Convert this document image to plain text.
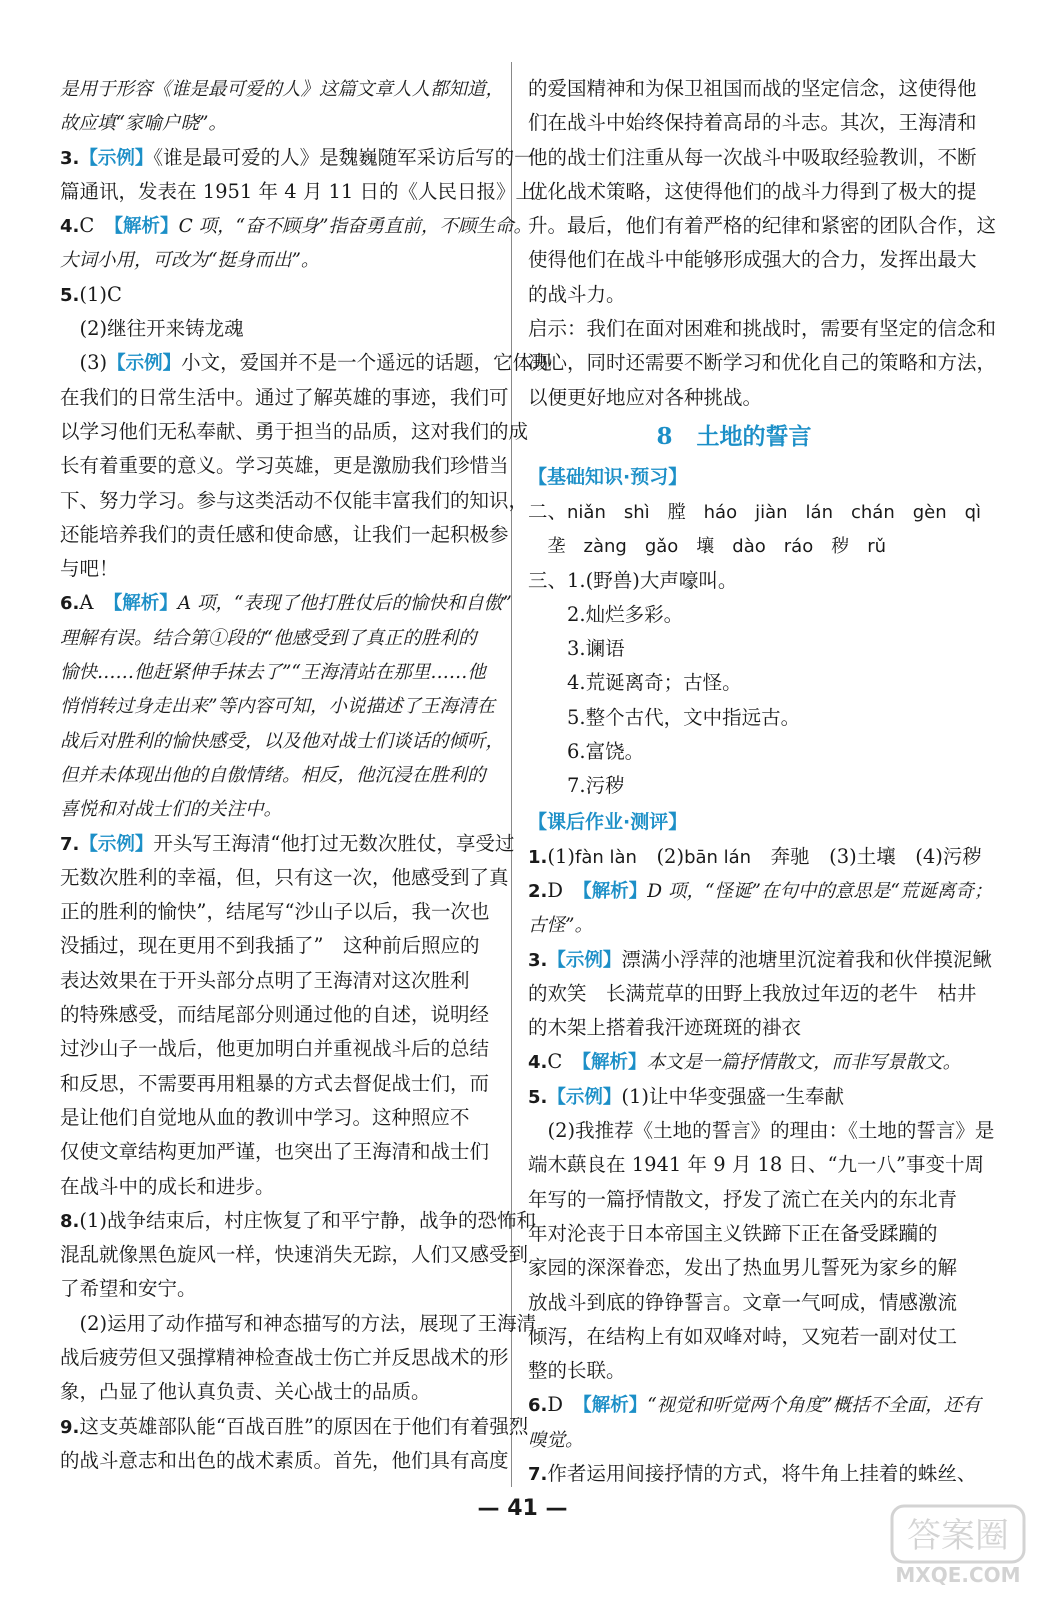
是用于形容《谁是最可爱的人》这篇文章人人都知道，
故应填“家喻户晓”。
3.【示例】《谁是最可爱的人》是魏巍随军采访后写的一
篇通讯，发表在 1951 年 4 月 11 日的《人民日报》上。
4.C　【解析】C 项，“奋不顾身”指奋勇直前，不顾生命。
大词小用，可改为“挺身而出”。
5.(1)C
　(2)继往开来铸龙魂
　(3)【示例】小文，爱国并不是一个遥远的话题，它体现
在我们的日常生活中。通过了解英雄的事迹，我们可
以学习他们无私奉献、勇于担当的品质，这对我们的成
长有着重要的意义。学习英雄，更是激励我们珍惜当
下、努力学习。参与这类活动不仅能丰富我们的知识，
还能培养我们的责任感和使命感，让我们一起积极参
与吧！
6.A　【解析】A 项，“表现了他打胜仗后的愉快和自傲”
理解有误。结合第①段的“他感受到了真正的胜利的
愉快……他赶紧伸手抹去了”“王海清站在那里……他
悄悄转过身走出来”等内容可知，小说描述了王海清在
战后对胜利的愉快感受，以及他对战士们谈话的倾听，
但并未体现出他的自傲情绪。相反，他沉浸在胜利的
喜悦和对战士们的关注中。
7.【示例】开头写王海清“他打过无数次胜仗，享受过
无数次胜利的幸福，但，只有这一次，他感受到了真
正的胜利的愉快”，结尾写“沙山子以后，我一次也
没插过，现在更用不到我插了”　这种前后照应的
表达效果在于开头部分点明了王海清对这次胜利
的特殊感受，而结尾部分则通过他的自述，说明经
过沙山子一战后，他更加明白并重视战斗后的总结
和反思，不需要再用粗暴的方式去督促战士们，而
是让他们自觉地从血的教训中学习。这种照应不
仅使文章结构更加严谨，也突出了王海清和战士们
在战斗中的成长和进步。
8.(1)战争结束后，村庄恢复了和平宁静，战争的恐怖和
混乱就像黑色旋风一样，快速消失无踪，人们又感受到
了希望和安宁。
　(2)运用了动作描写和神态描写的方法，展现了王海清
战后疲劳但又强撑精神检查战士伤亡并反思战术的形
象，凸显了他认真负责、关心战士的品质。
9.这支英雄部队能“百战百胜”的原因在于他们有着强烈
的战斗意志和出色的战术素质。首先，他们具有高度
的爱国精神和为保卫祖国而战的坚定信念，这使得他
们在战斗中始终保持着高昂的斗志。其次，王海清和
他的战士们注重从每一次战斗中吸取经验教训，不断
优化战术策略，这使得他们的战斗力得到了极大的提
升。最后，他们有着严格的纪律和紧密的团队合作，这
使得他们在战斗中能够形成强大的合力，发挥出最大
的战斗力。
启示：我们在面对困难和挑战时，需要有坚定的信念和
决心，同时还需要不断学习和优化自己的策略和方法，
以便更好地应对各种挑战。
8 土地的誓言
【基础知识·预习】
二、niǎn　shì　膛　háo　jiàn　lán　chán　gèn　qì
　垄　zàng　gǎo　壤　dào　ráo　秽　rǔ
三、1.(野兽)大声嚎叫。
　　2.灿烂多彩。
　　3.谰语
　　4.荒诞离奇；古怪。
　　5.整个古代，文中指远古。
　　6.富饶。
　　7.污秽
【课后作业·测评】
1.(1)fàn làn　(2)bān lán　奔驰　(3)土壤　(4)污秽
2.D　【解析】D 项，“怪诞”在句中的意思是“荒诞离奇；
古怪”。
3.【示例】漂满小浮萍的池塘里沉淀着我和伙伴摸泥鳅
的欢笑　长满荒草的田野上我放过年迈的老牛　枯井
的木架上搭着我汗迹斑斑的褂衣
4.C　【解析】本文是一篇抒情散文，而非写景散文。
5.【示例】(1)让中华变强盛一生奉献
　(2)我推荐《土地的誓言》的理由：《土地的誓言》是
端木蕻良在 1941 年 9 月 18 日、“九一八”事变十周
年写的一篇抒情散文，抒发了流亡在关内的东北青
年对沦丧于日本帝国主义铁蹄下正在备受蹂躏的
家园的深深眷恋，发出了热血男儿誓死为家乡的解
放战斗到底的铮铮誓言。文章一气呵成，情感激流
倾泻，在结构上有如双峰对峙，又宛若一副对仗工
整的长联。
6.D　【解析】“视觉和听觉两个角度”概括不全面，还有
嗅觉。
7.作者运用间接抒情的方式，将牛角上挂着的蛛丝、
— 41 —
答案圈
MXQE.COM
